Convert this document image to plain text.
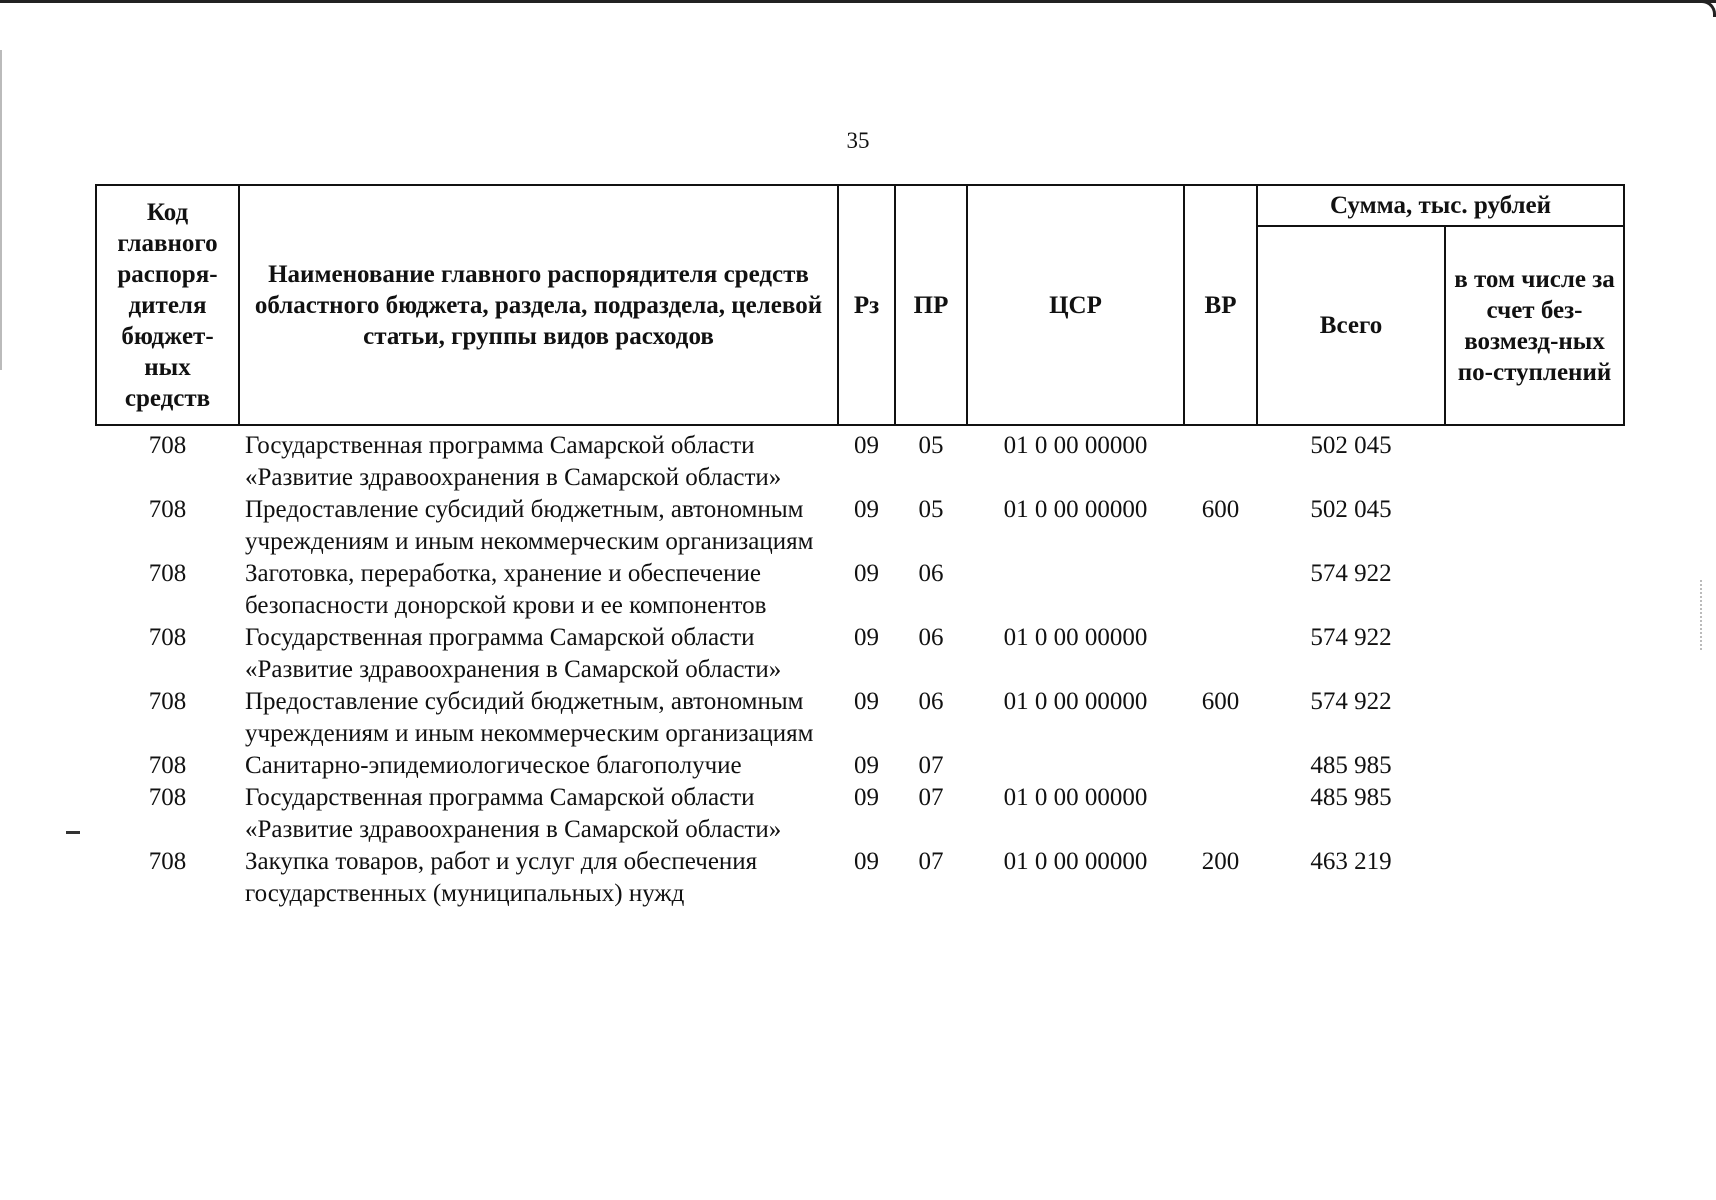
35
Код главного распоря-дителя бюджет-ных средств	Наименование главного распорядителя средств областного бюджета, раздела, подраздела, целевой статьи, группы видов расходов	Рз	ПР	ЦСР	ВР	Сумма, тыс. рублей	
						Всего	в том числе за счет без-возмезд-ных по-ступлений
708	Государственная программа Самарской области «Развитие здравоохранения в Самарской области»	09	05	01 0 00 00000		502 045	
708	Предоставление субсидий бюджетным, автономным учреждениям и иным некоммерческим организациям	09	05	01 0 00 00000	600	502 045	
708	Заготовка, переработка, хранение и обеспечение безопасности донорской крови и ее компонентов	09	06			574 922	
708	Государственная программа Самарской области «Развитие здравоохранения в Самарской области»	09	06	01 0 00 00000		574 922	
708	Предоставление субсидий бюджетным, автономным учреждениям и иным некоммерческим организациям	09	06	01 0 00 00000	600	574 922	
708	Санитарно-эпидемиологическое благополучие	09	07			485 985	
708	Государственная программа Самарской области «Развитие здравоохранения в Самарской области»	09	07	01 0 00 00000		485 985	
708	Закупка товаров, работ и услуг для обеспечения государственных (муниципальных) нужд	09	07	01 0 00 00000	200	463 219	
